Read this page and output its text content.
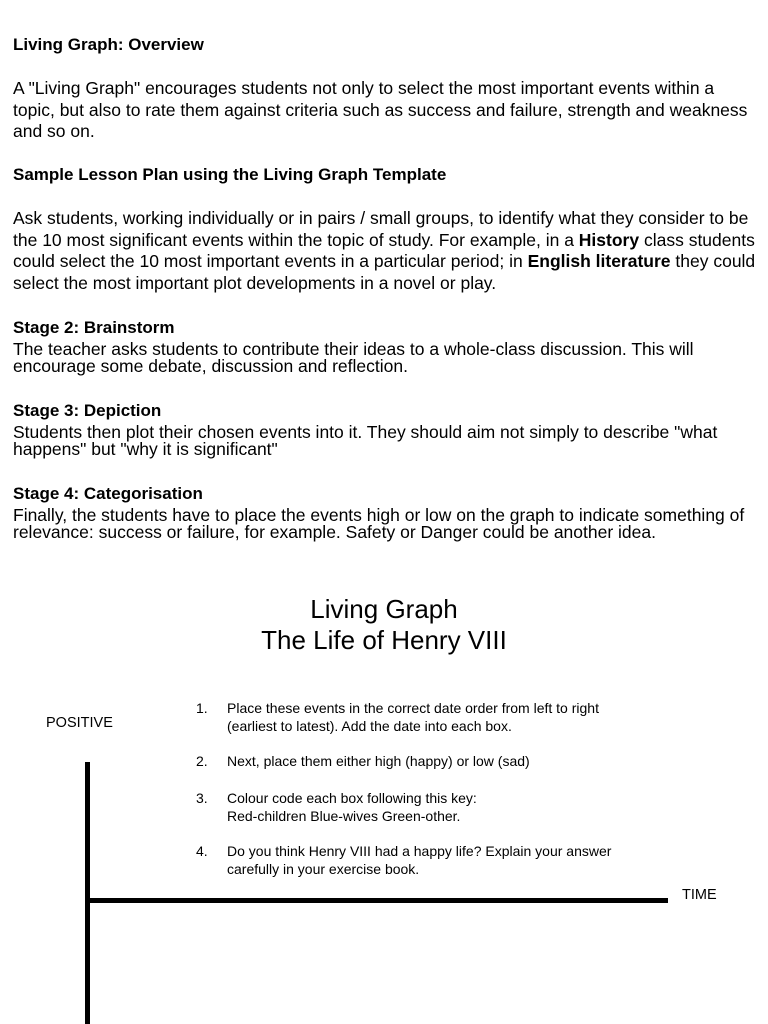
Living Graph: Overview

A "Living Graph" encourages students not only to select the most important events within a topic, but also to rate them against criteria such as success and failure, strength and weakness and so on.

Sample Lesson Plan using the Living Graph Template

Ask students, working individually or in pairs / small groups, to identify what they consider to be the 10 most significant events within the topic of study. For example, in a History class students could select the 10 most important events in a particular period; in English literature they could select the most important plot developments in a novel or play.

Stage 2: Brainstorm

The teacher asks students to contribute their ideas to a whole-class discussion. This will encourage some debate, discussion and reflection.

Stage 3: Depiction

Students then plot their chosen events into it. They should aim not simply to describe "what happens" but "why it is significant"

Stage 4: Categorisation

Finally, the students have to place the events high or low on the graph to indicate something of relevance: success or failure, for example. Safety or Danger could be another idea.

Living Graph
The Life of Henry VIII
POSITIVE
TIME
1. Place these events in the correct date order from left to right
(earliest to latest). Add the date into each box.
2. Next, place them either high (happy) or low (sad)
3. Colour code each box following this key:
Red-children Blue-wives Green-other.
4. Do you think Henry VIII had a happy life? Explain your answer
carefully in your exercise book.
